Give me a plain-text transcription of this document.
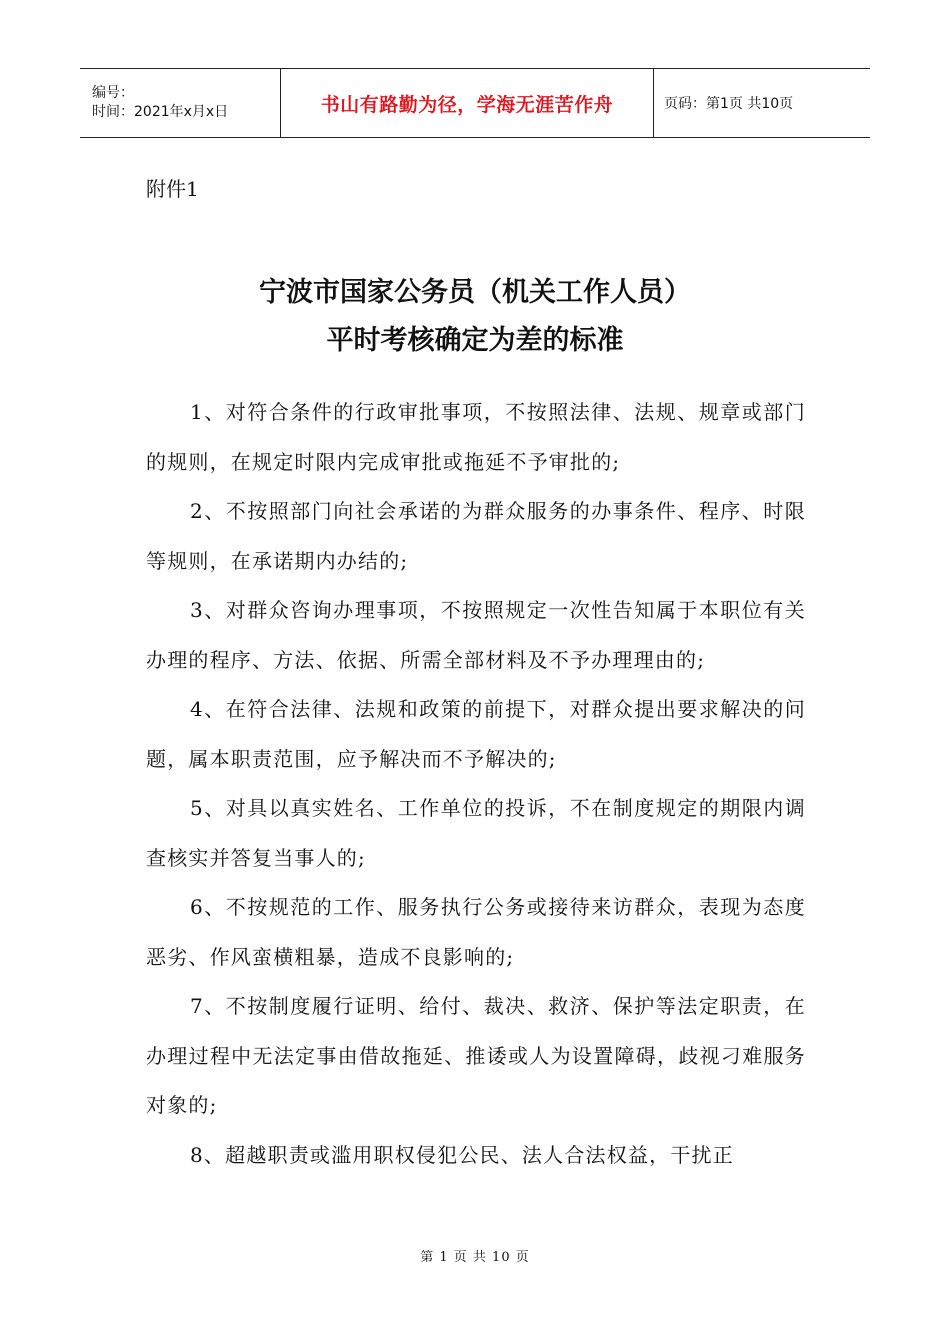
编号：
时间：2021年x月x日	书山有路勤为径，学海无涯苦作舟	页码：第1页 共10页
附件1
宁波市国家公务员（机关工作人员）
平时考核确定为差的标准

1、对符合条件的行政审批事项，不按照法律、法规、规章或部门的规则，在规定时限内完成审批或拖延不予审批的;

2、不按照部门向社会承诺的为群众服务的办事条件、程序、时限等规则，在承诺期内办结的;

3、对群众咨询办理事项，不按照规定一次性告知属于本职位有关办理的程序、方法、依据、所需全部材料及不予办理理由的;

4、在符合法律、法规和政策的前提下，对群众提出要求解决的问题，属本职责范围，应予解决而不予解决的;

5、对具以真实姓名、工作单位的投诉，不在制度规定的期限内调查核实并答复当事人的;

6、不按规范的工作、服务执行公务或接待来访群众，表现为态度恶劣、作风蛮横粗暴，造成不良影响的;

7、不按制度履行证明、给付、裁决、救济、保护等法定职责，在办理过程中无法定事由借故拖延、推诿或人为设置障碍，歧视刁难服务对象的;

8、超越职责或滥用职权侵犯公民、法人合法权益，干扰正

第 1 页 共 10 页
